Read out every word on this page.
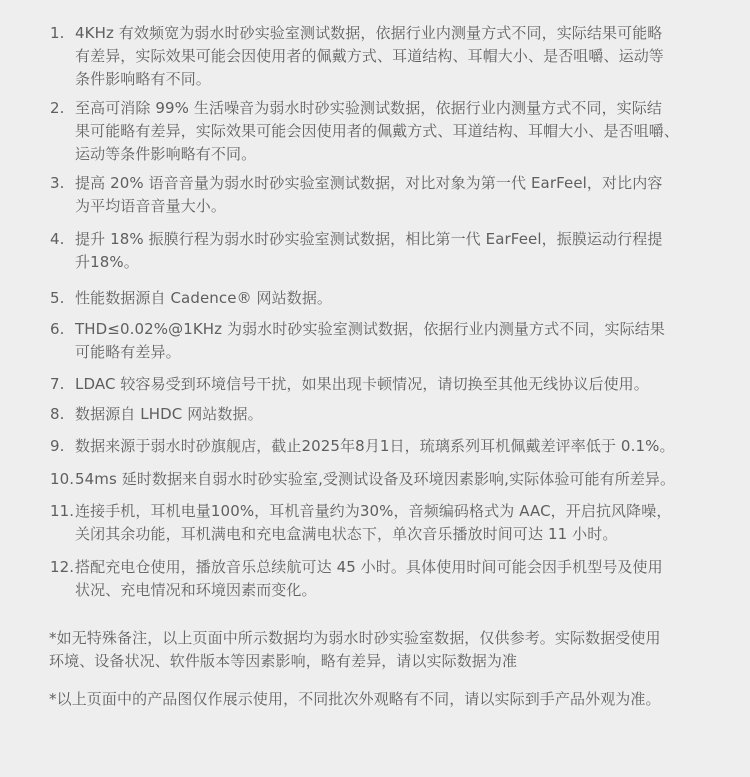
1. 4KHz 有效频宽为弱水时砂实验室测试数据，依据行业内测量方式不同，实际结果可能略
有差异，实际效果可能会因使用者的佩戴方式、耳道结构、耳帽大小、是否咀嚼、运动等
条件影响略有不同。
2. 至高可消除 99% 生活噪音为弱水时砂实验测试数据，依据行业内测量方式不同，实际结
果可能略有差异，实际效果可能会因使用者的佩戴方式、耳道结构、耳帽大小、是否咀嚼、
运动等条件影响略有不同。
3. 提高 20% 语音音量为弱水时砂实验室测试数据，对比对象为第一代 EarFeel，对比内容
为平均语音音量大小。
4. 提升 18% 振膜行程为弱水时砂实验室测试数据，相比第一代 EarFeel，振膜运动行程提
升18%。
5. 性能数据源自 Cadence® 网站数据。
6. THD≤0.02%@1KHz 为弱水时砂实验室测试数据，依据行业内测量方式不同，实际结果
可能略有差异。
7. LDAC 较容易受到环境信号干扰，如果出现卡顿情况，请切换至其他无线协议后使用。
8. 数据源自 LHDC 网站数据。
9. 数据来源于弱水时砂旗舰店，截止2025年8月1日，琉璃系列耳机佩戴差评率低于 0.1%。
10. 54ms 延时数据来自弱水时砂实验室,受测试设备及环境因素影响,实际体验可能有所差异。
11. 连接手机，耳机电量100%，耳机音量约为30%，音频编码格式为 AAC，开启抗风降噪，
关闭其余功能，耳机满电和充电盒满电状态下，单次音乐播放时间可达 11 小时。
12. 搭配充电仓使用，播放音乐总续航可达 45 小时。具体使用时间可能会因手机型号及使用
状况、充电情况和环境因素而变化。
*如无特殊备注，以上页面中所示数据均为弱水时砂实验室数据，仅供参考。实际数据受使用
环境、设备状况、软件版本等因素影响，略有差异，请以实际数据为准
*以上页面中的产品图仅作展示使用，不同批次外观略有不同，请以实际到手产品外观为准。
